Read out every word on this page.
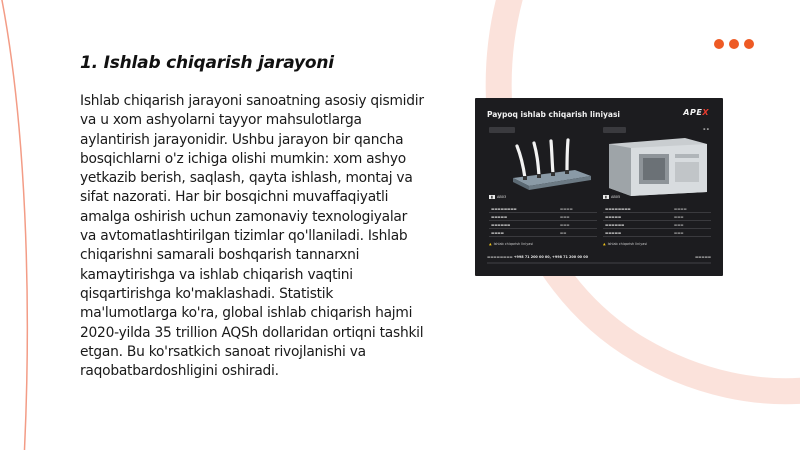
1. Ishlab chiqarish jarayoni

Ishlab chiqarish jarayoni sanoatning asosiy qismidir va u xom ashyolarni tayyor mahsulotlarga aylantirish jarayonidir. Ushbu jarayon bir qancha bosqichlarni o'z ichiga olishi mumkin: xom ashyo yetkazib berish, saqlash, qayta ishlash, montaj va sifat nazorati. Har bir bosqichni muvaffaqiyatli amalga oshirish uchun zamonaviy texnologiyalar va avtomatlashtirilgan tizimlar qo'llaniladi. Ishlab chiqarishni samarali boshqarish tannarxni kamaytirishga va ishlab chiqarish vaqtini qisqartirishga ko'maklashadi. Statistik ma'lumotlarga ko'ra, global ishlab chiqarish hajmi 2020-yilda 35 trillion AQSh dollaridan ortiqni tashkil etgan. Bu ko'rsatkich sanoat rivojlanishi va raqobatbardoshligini oshiradi.

Paypoq ishlab chiqarish liniyasi	APEX

▪ ▪
▮ AB03
▬▬▬▬▬▬▬▬	▬▬▬▬
▬▬▬▬▬	▬▬▬
▬▬▬▬▬▬	▬▬▬
▬▬▬▬	▬▬
▲ Ishlab chiqarish liniyasi
▮ AB05
▬▬▬▬▬▬▬▬	▬▬▬▬
▬▬▬▬▬	▬▬▬
▬▬▬▬▬▬	▬▬▬
▬▬▬▬▬	▬▬▬
▲ Ishlab chiqarish liniyasi
▬▬▬▬▬▬▬▬ +998 71 200 00 00, +998 71 200 00 00	▬▬▬▬▬
